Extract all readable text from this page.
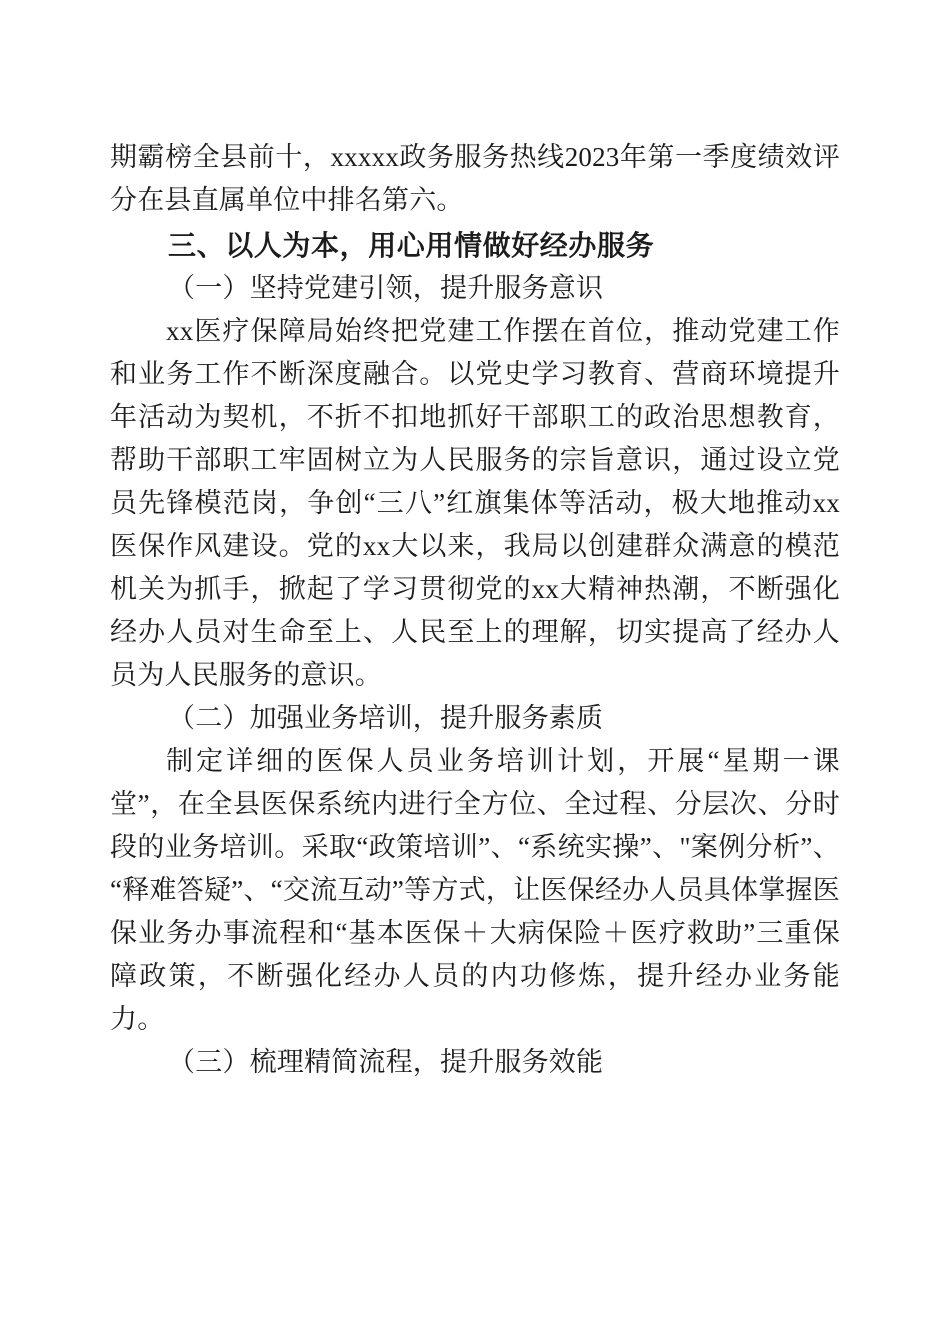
期霸榜全县前十，xxxxx政务服务热线2023年第一季度绩效评分在县直属单位中排名第六。

三、以人为本，用心用情做好经办服务

（一）坚持党建引领，提升服务意识

xx医疗保障局始终把党建工作摆在首位，推动党建工作和业务工作不断深度融合。以党史学习教育、营商环境提升年活动为契机，不折不扣地抓好干部职工的政治思想教育，帮助干部职工牢固树立为人民服务的宗旨意识，通过设立党员先锋模范岗，争创“三八”红旗集体等活动，极大地推动xx医保作风建设。党的xx大以来，我局以创建群众满意的模范机关为抓手，掀起了学习贯彻党的xx大精神热潮，不断强化经办人员对生命至上、人民至上的理解，切实提高了经办人员为人民服务的意识。

（二）加强业务培训，提升服务素质

制定详细的医保人员业务培训计划，开展“星期一课堂”，在全县医保系统内进行全方位、全过程、分层次、分时段的业务培训。采取“政策培训”、“系统实操”、"案例分析”、“释难答疑”、“交流互动”等方式，让医保经办人员具体掌握医保业务办事流程和“基本医保＋大病保险＋医疗救助”三重保障政策，不断强化经办人员的内功修炼，提升经办业务能力。

（三）梳理精简流程，提升服务效能
